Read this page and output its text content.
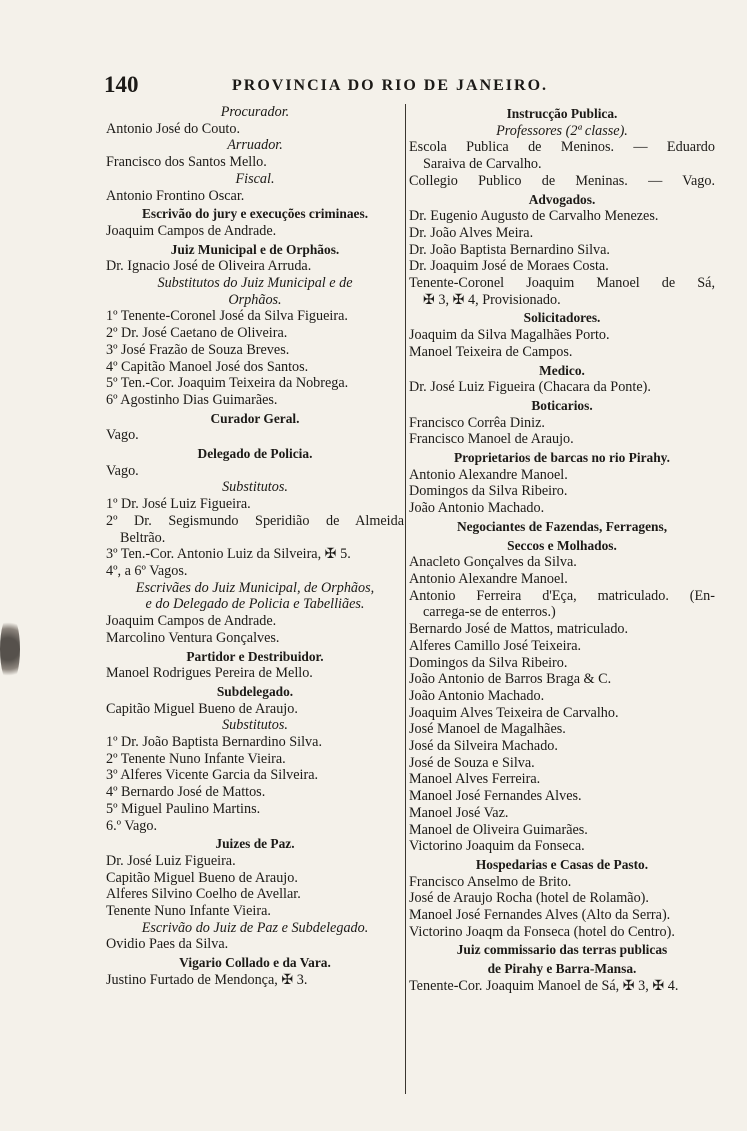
140	PROVINCIA DO RIO DE JANEIRO.
Procurador.
Antonio José do Couto.
Arruador.
Francisco dos Santos Mello.
Fiscal.
Antonio Frontino Oscar.
Escrivão do jury e execuções criminaes.
Joaquim Campos de Andrade.
Juiz Municipal e de Orphãos.
Dr. Ignacio José de Oliveira Arruda.
Substitutos do Juiz Municipal e de
Orphãos.
1º Tenente-Coronel José da Silva Figueira.
2º Dr. José Caetano de Oliveira.
3º José Frazão de Souza Breves.
4º Capitão Manoel José dos Santos.
5º Ten.-Cor. Joaquim Teixeira da Nobrega.
6º Agostinho Dias Guimarães.
Curador Geral.
Vago.
Delegado de Policia.
Vago.
Substitutos.
1º Dr. José Luiz Figueira.
2º Dr. Segismundo Speridião de Almeida
Beltrão.
3º Ten.-Cor. Antonio Luiz da Silveira, ✠ 5.
4º, a 6º Vagos.
Escrivães do Juiz Municipal, de Orphãos,
e do Delegado de Policia e Tabelliães.
Joaquim Campos de Andrade.
Marcolino Ventura Gonçalves.
Partidor e Destribuidor.
Manoel Rodrigues Pereira de Mello.
Subdelegado.
Capitão Miguel Bueno de Araujo.
Substitutos.
1º Dr. João Baptista Bernardino Silva.
2º Tenente Nuno Infante Vieira.
3º Alferes Vicente Garcia da Silveira.
4º Bernardo José de Mattos.
5º Miguel Paulino Martins.
6.º Vago.
Juizes de Paz.
Dr. José Luiz Figueira.
Capitão Miguel Bueno de Araujo.
Alferes Silvino Coelho de Avellar.
Tenente Nuno Infante Vieira.
Escrivão do Juiz de Paz e Subdelegado.
Ovidio Paes da Silva.
Vigario Collado e da Vara.
Justino Furtado de Mendonça, ✠ 3.
Instrucção Publica.
Professores (2ª classe).
Escola Publica de Meninos. — Eduardo
Saraiva de Carvalho.
Collegio Publico de Meninas. — Vago.
Advogados.
Dr. Eugenio Augusto de Carvalho Menezes.
Dr. João Alves Meira.
Dr. João Baptista Bernardino Silva.
Dr. Joaquim José de Moraes Costa.
Tenente-Coronel Joaquim Manoel de Sá,
✠ 3, ✠ 4, Provisionado.
Solicitadores.
Joaquim da Silva Magalhães Porto.
Manoel Teixeira de Campos.
Medico.
Dr. José Luiz Figueira (Chacara da Ponte).
Boticarios.
Francisco Corrêa Diniz.
Francisco Manoel de Araujo.
Proprietarios de barcas no rio Pirahy.
Antonio Alexandre Manoel.
Domingos da Silva Ribeiro.
João Antonio Machado.
Negociantes de Fazendas, Ferragens,
Seccos e Molhados.
Anacleto Gonçalves da Silva.
Antonio Alexandre Manoel.
Antonio Ferreira d'Eça, matriculado. (En-
carrega-se de enterros.)
Bernardo José de Mattos, matriculado.
Alferes Camillo José Teixeira.
Domingos da Silva Ribeiro.
João Antonio de Barros Braga & C.
João Antonio Machado.
Joaquim Alves Teixeira de Carvalho.
José Manoel de Magalhães.
José da Silveira Machado.
José de Souza e Silva.
Manoel Alves Ferreira.
Manoel José Fernandes Alves.
Manoel José Vaz.
Manoel de Oliveira Guimarães.
Victorino Joaquim da Fonseca.
Hospedarias e Casas de Pasto.
Francisco Anselmo de Brito.
José de Araujo Rocha (hotel de Rolamão).
Manoel José Fernandes Alves (Alto da Serra).
Victorino Joaqm da Fonseca (hotel do Centro).
Juiz commissario das terras publicas
de Pirahy e Barra-Mansa.
Tenente-Cor. Joaquim Manoel de Sá, ✠ 3, ✠ 4.
